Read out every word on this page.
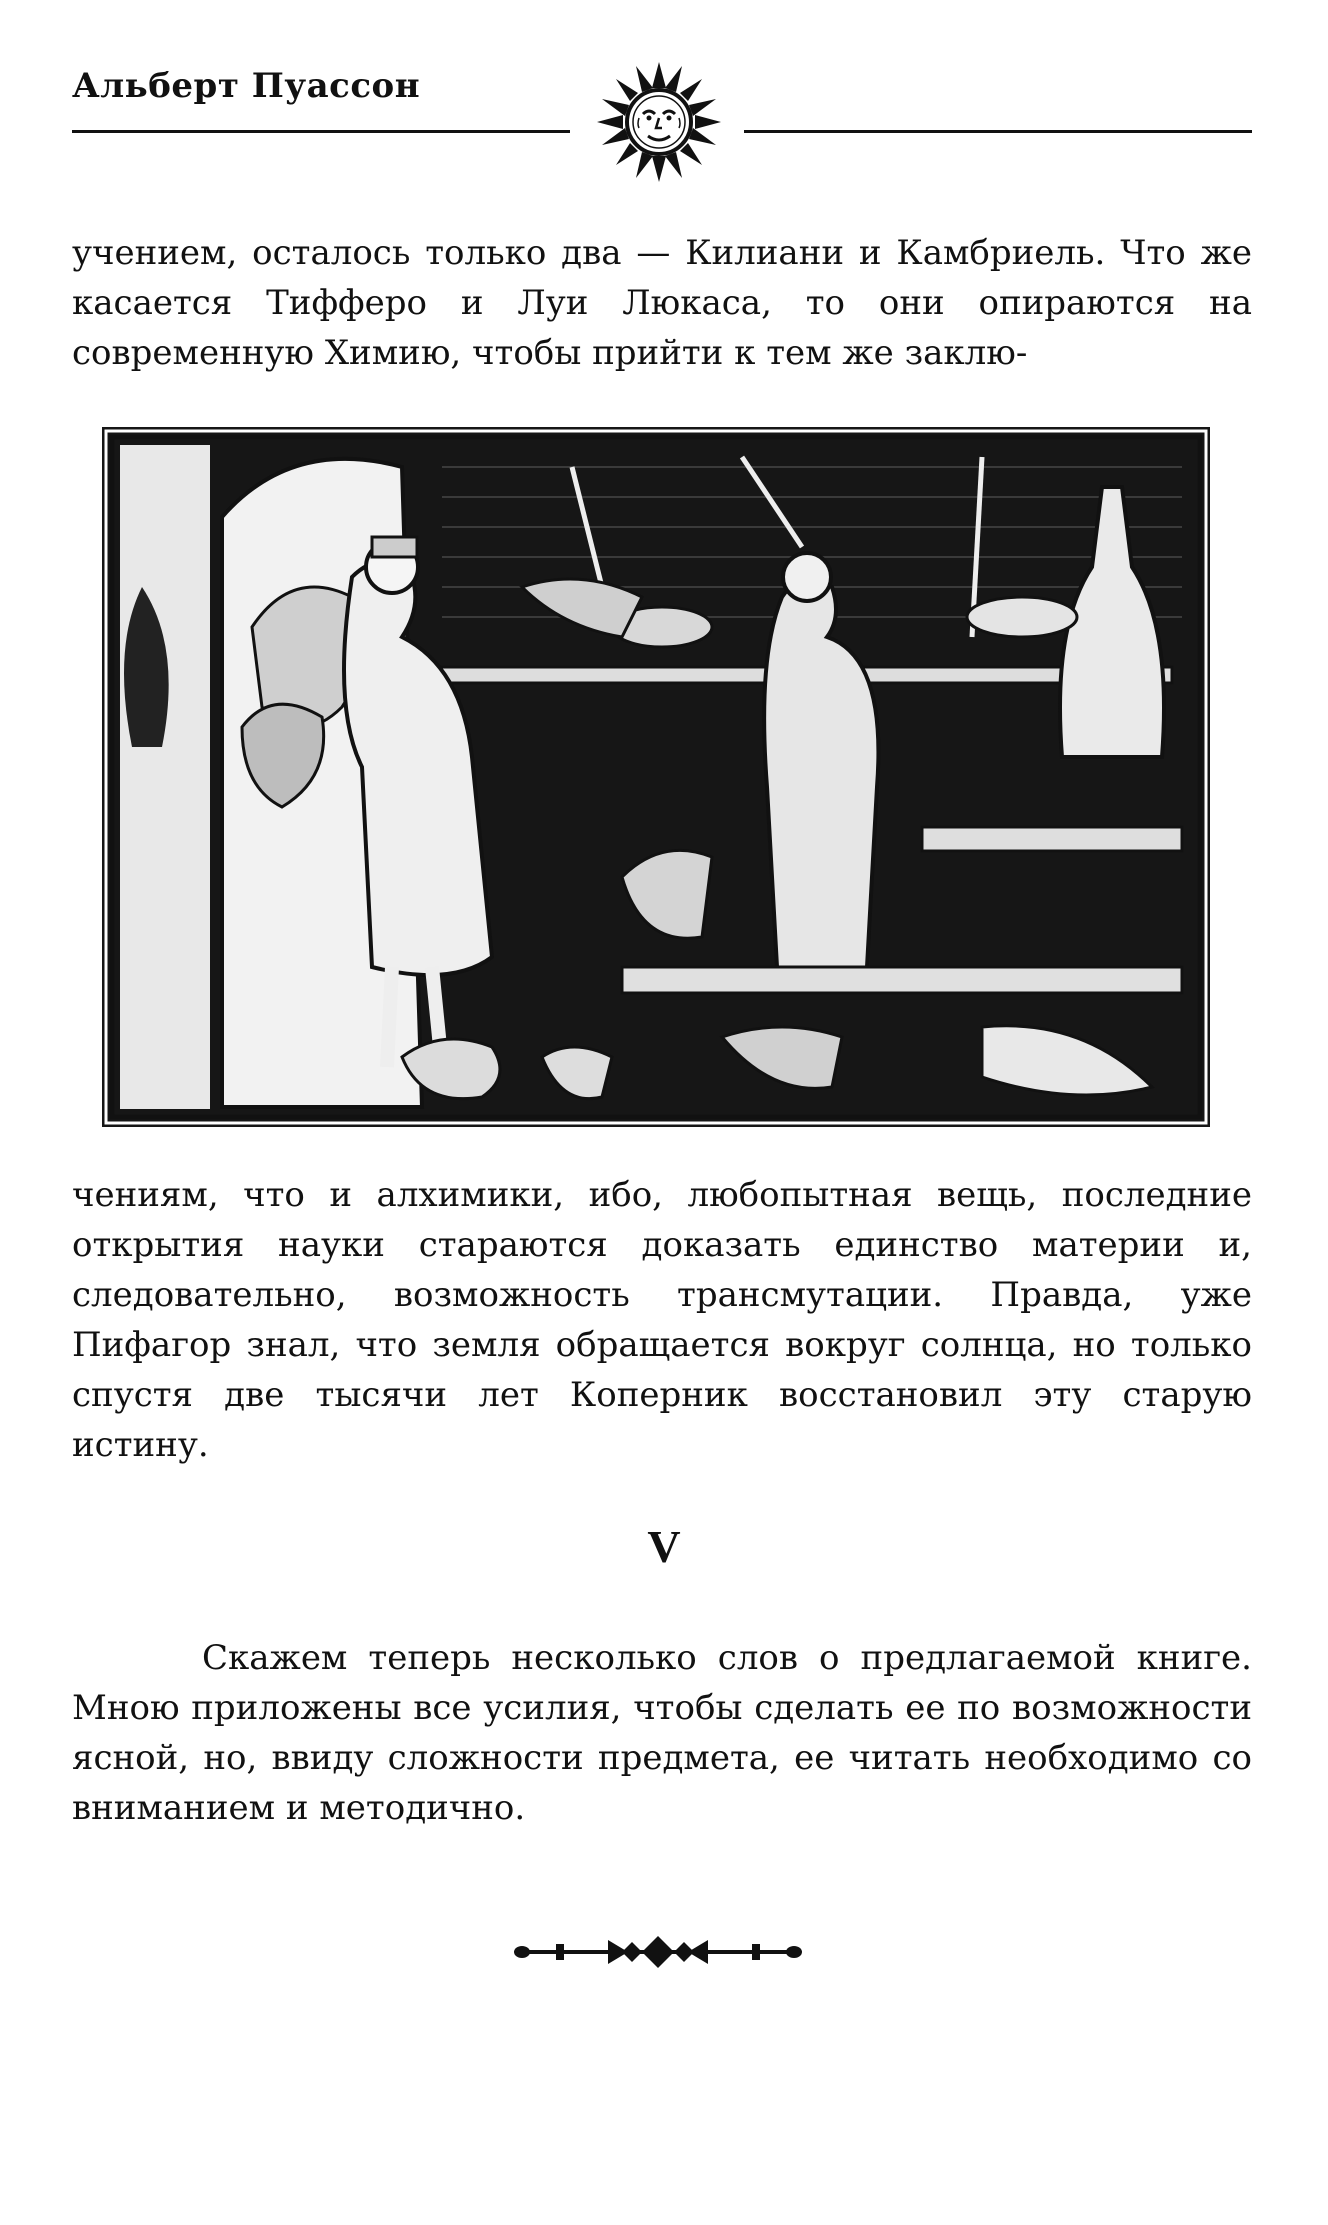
Альберт Пуассон

учением, осталось только два — Килиани и Камбриель. Что же касается Тифферо и Луи Люкаса, то они опираются на современную Химию, чтобы прийти к тем же заклю-

чениям, что и алхимики, ибо, любопытная вещь, последние открытия науки стараются доказать единство материи и, следовательно, возможность трансмутации. Правда, уже Пифагор знал, что земля обращается вокруг солнца, но только спустя две тысячи лет Коперник восстановил эту старую истину.

V

Скажем теперь несколько слов о предлагаемой книге. Мною приложены все усилия, чтобы сделать ее по возможности ясной, но, ввиду сложности предмета, ее читать необходимо со вниманием и методично.
